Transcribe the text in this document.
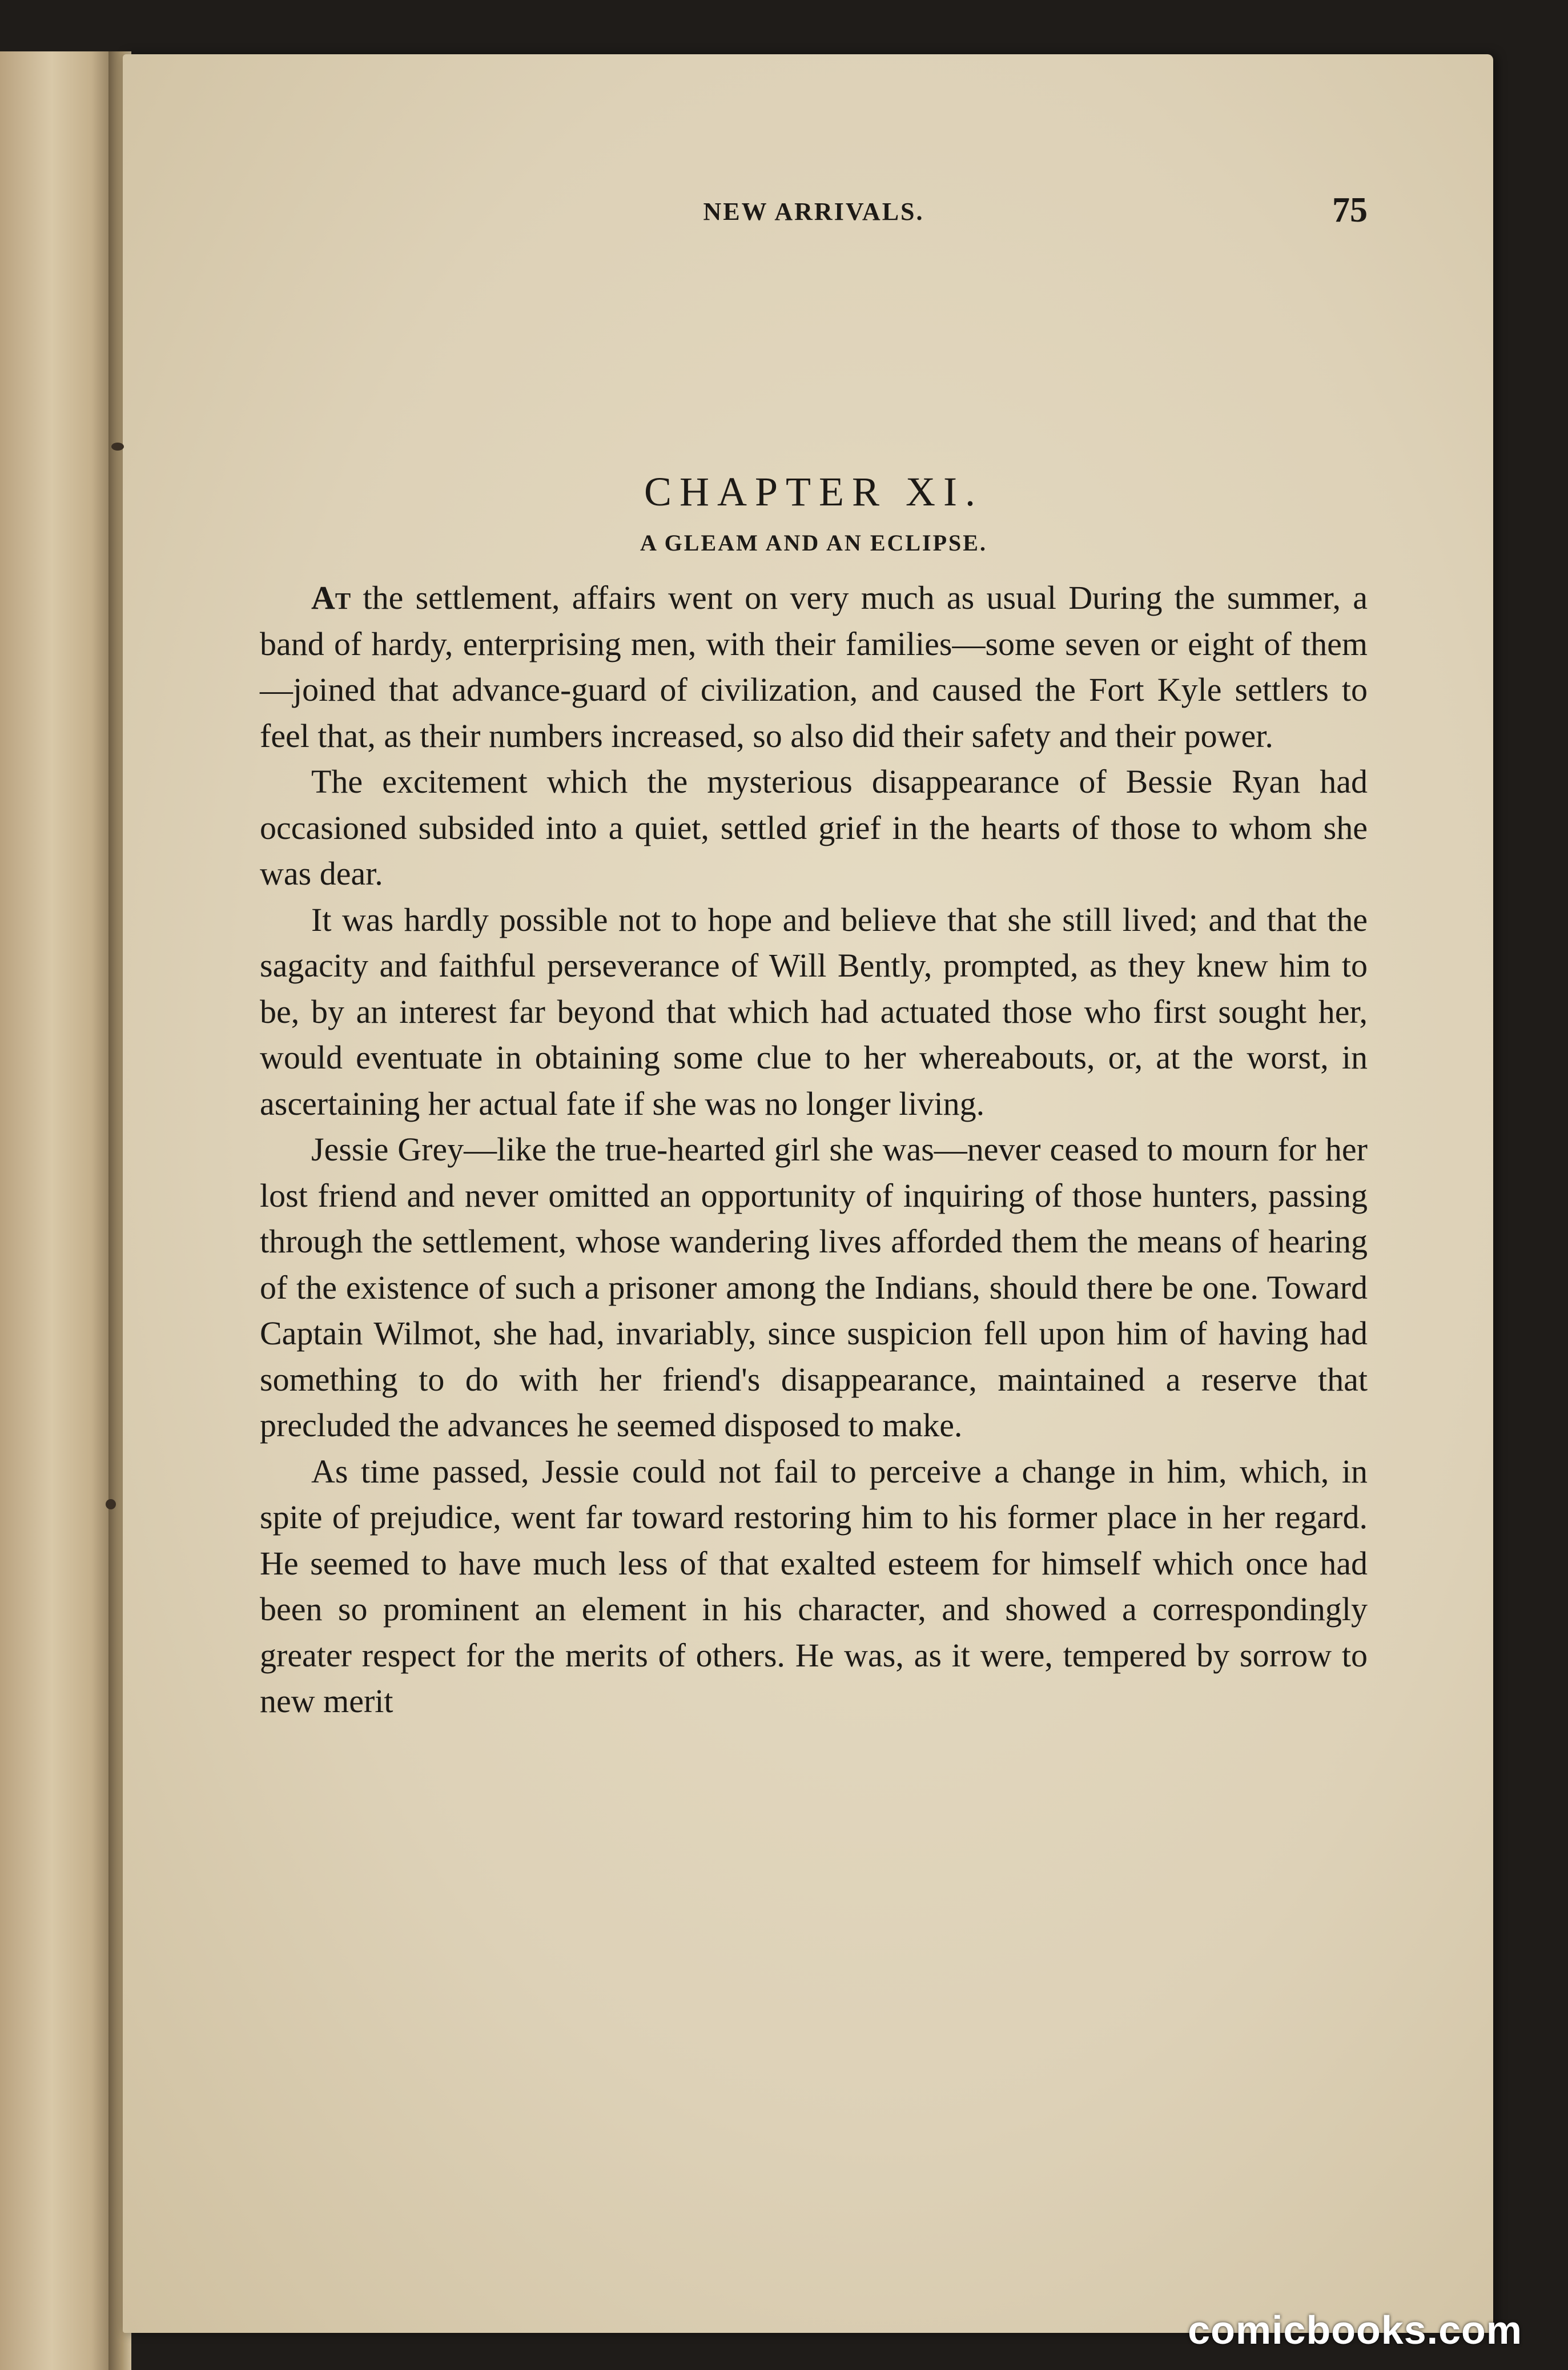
NEW ARRIVALS.	75
CHAPTER XI.
A GLEAM AND AN ECLIPSE.

At the settlement, affairs went on very much as usual During the summer, a band of hardy, enterprising men, with their families—some seven or eight of them—joined that advance-guard of civilization, and caused the Fort Kyle settlers to feel that, as their numbers increased, so also did their safety and their power.

The excitement which the mysterious disappearance of Bessie Ryan had occasioned subsided into a quiet, settled grief in the hearts of those to whom she was dear.

It was hardly possible not to hope and believe that she still lived; and that the sagacity and faithful perseverance of Will Bently, prompted, as they knew him to be, by an interest far beyond that which had actuated those who first sought her, would eventuate in obtaining some clue to her whereabouts, or, at the worst, in ascertaining her actual fate if she was no longer living.

Jessie Grey—like the true-hearted girl she was—never ceased to mourn for her lost friend and never omitted an opportunity of inquiring of those hunters, passing through the settlement, whose wandering lives afforded them the means of hearing of the existence of such a prisoner among the Indians, should there be one. Toward Captain Wilmot, she had, invariably, since suspicion fell upon him of having had something to do with her friend's disappearance, maintained a reserve that precluded the advances he seemed disposed to make.

As time passed, Jessie could not fail to perceive a change in him, which, in spite of prejudice, went far toward restoring him to his former place in her regard. He seemed to have much less of that exalted esteem for himself which once had been so prominent an element in his character, and showed a correspondingly greater respect for the merits of others. He was, as it were, tempered by sorrow to new merit

comicbooks.com
